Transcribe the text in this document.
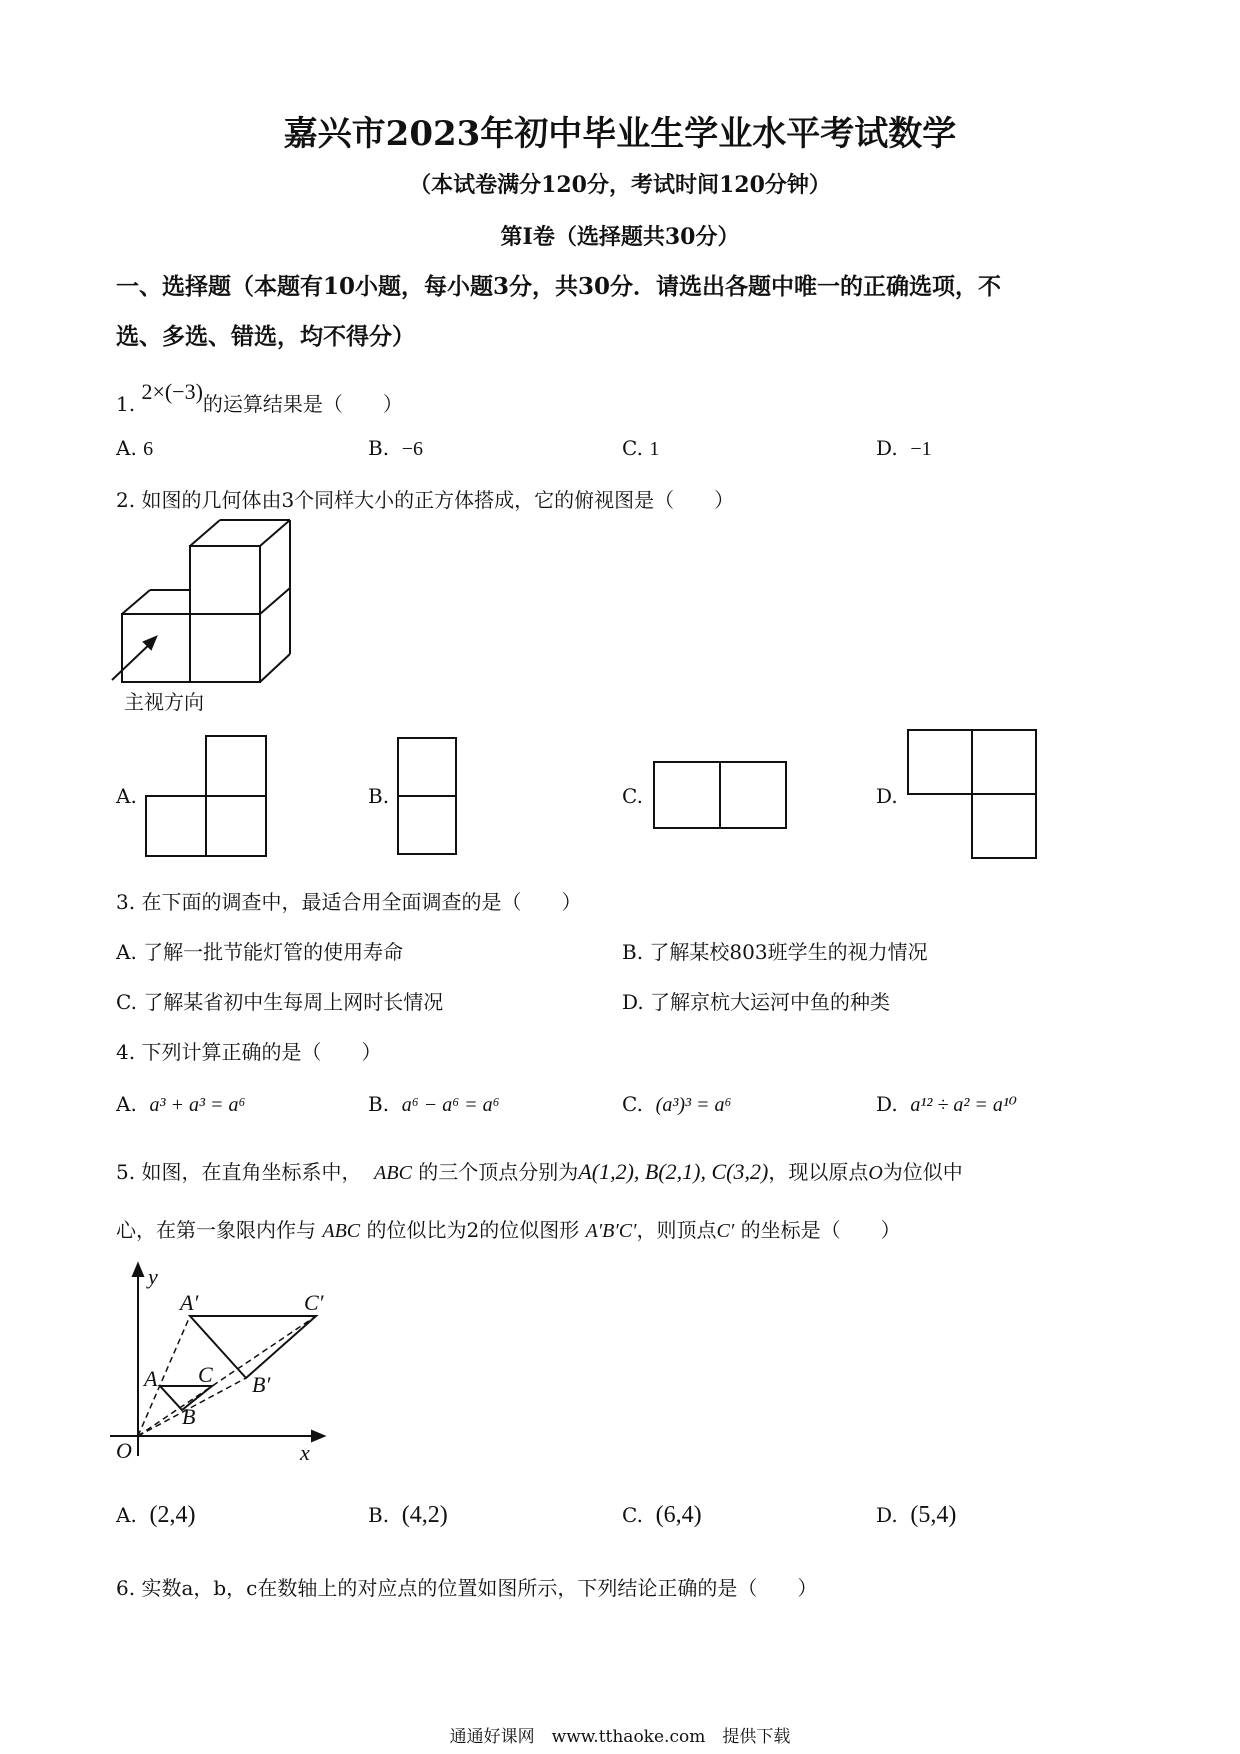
嘉兴市2023年初中毕业生学业水平考试数学
（本试卷满分120分，考试时间120分钟）
第Ⅰ卷（选择题共30分）
一、选择题（本题有10小题，每小题3分，共30分．请选出各题中唯一的正确选项，不
选、多选、错选，均不得分）
1. 2×(−3)的运算结果是（　　）
A. 6	B. −6	C. 1	D. −1
2. 如图的几何体由3个同样大小的正方体搭成，它的俯视图是（　　）
主视方向
A.	B.	C.	D.
3. 在下面的调查中，最适合用全面调查的是（　　）
A. 了解一批节能灯管的使用寿命	B. 了解某校803班学生的视力情况
C. 了解某省初中生每周上网时长情况	D. 了解京杭大运河中鱼的种类
4. 下列计算正确的是（　　）
A. a³ + a³ = a⁶	B. a⁶ − a⁶ = a⁶	C. (a³)³ = a⁶	D. a¹² ÷ a² = a¹⁰
5. 如图，在直角坐标系中， ABC 的三个顶点分别为A(1,2), B(2,1), C(3,2)，现以原点O为位似中
心，在第一象限内作与 ABC 的位似比为2的位似图形 A′B′C′，则顶点C′ 的坐标是（　　）
y
x
O
A′	C′
B′
A C
B
A. (2,4)	B. (4,2)	C. (6,4)	D. (5,4)
6. 实数a，b，c在数轴上的对应点的位置如图所示，下列结论正确的是（　　）
通通好课网　www.tthaoke.com　提供下载
